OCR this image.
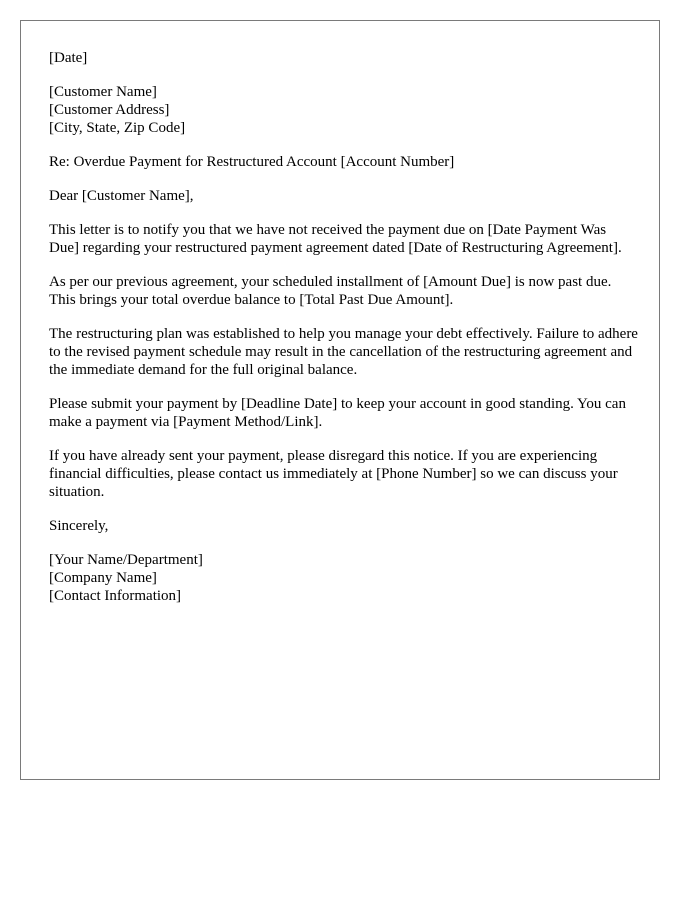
[Date]
[Customer Name]
[Customer Address]
[City, State, Zip Code]
Re: Overdue Payment for Restructured Account [Account Number]
Dear [Customer Name],

This letter is to notify you that we have not received the payment due on [Date Payment Was Due] regarding your restructured payment agreement dated [Date of Restructuring Agreement].

As per our previous agreement, your scheduled installment of [Amount Due] is now past due. This brings your total overdue balance to [Total Past Due Amount].

The restructuring plan was established to help you manage your debt effectively. Failure to adhere to the revised payment schedule may result in the cancellation of the restructuring agreement and the immediate demand for the full original balance.

Please submit your payment by [Deadline Date] to keep your account in good standing. You can make a payment via [Payment Method/Link].

If you have already sent your payment, please disregard this notice. If you are experiencing financial difficulties, please contact us immediately at [Phone Number] so we can discuss your situation.

Sincerely,
[Your Name/Department]
[Company Name]
[Contact Information]
